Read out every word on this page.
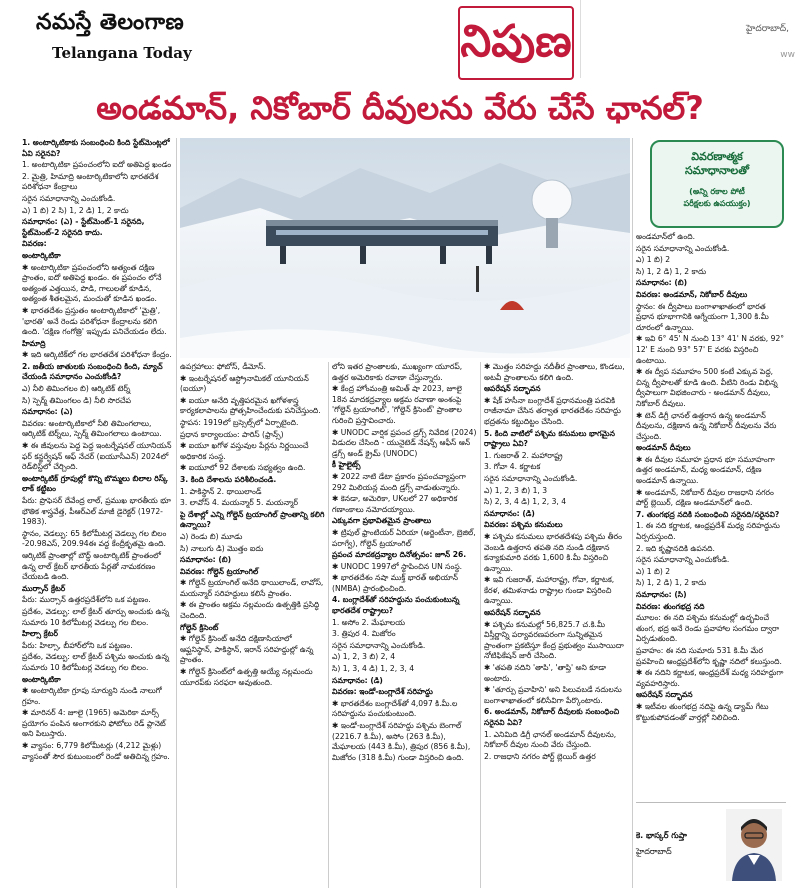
నమస్తే తెలంగాణ
Telangana Today	నిపుణ	హైదరాబాద్,
ww
అండమాన్‌, నికోబార్‌ దీవులను వేరు చేసే ఛానల్‌?
వివరణాత్మక
సమాధానాలతో
(అన్ని రకాల పోటీ
పరీక్షలకు ఉపయుక్తం)

1. అంటార్కిటికాకు సంబంధించి కింది స్టేట్‌మెంట్లలో ఏవి సరైనవి?

1. అంటార్కిటికా ప్రపంచంలోని ఐదో అతిపెద్ద ఖండం

2. మైత్రి, హిమాద్రి అంటార్కిటికాలోని భారతదేశ పరిశోధనా కేంద్రాలు

సరైన సమాధానాన్ని ఎంచుకోండి.

ఎ) 1 బి) 2 సి) 1, 2 డి) 1, 2 కాదు

సమాధానం: (ఎ) - స్టేట్‌మెంట్‌-1 సరైనది, స్టేట్‌మెంట్‌-2 సరైనది కాదు.

వివరణ:

అంటార్కిటికా

✱ అంటార్కిటికా ప్రపంచంలోని అత్యంత దక్షిణ ప్రాంతం, ఐదో అతిపెద్ద ఖండం. ఈ ప్రపంచం లోనే అత్యంత ఎత్తయిన, పొడి, గాలులతో కూడిన, అత్యంత శీతలమైన, మంచుతో కూడిన ఖండం.

✱ భారతదేశం ప్రస్తుతం అంటార్కిటికాలో 'మైత్రి', 'భారతి' అనే రెండు పరిశోధనా కేంద్రాలను కలిగి ఉంది. 'దక్షిణ గంగోత్రి' ఇప్పుడు పనిచేయడం లేదు.

హిమాద్రి

✱ ఇది ఆర్కిటిక్‌లో గల భారతదేశ పరిశోధనా కేంద్రం.

2. జతీయ జాతులకు సంబంధించి కింది, మ్యాచ్‌ చేయండి సమాధానం ఎంచుకోండి?

ఎ) నీలి తిమింగలం బి) ఆర్కిటిక్‌ టెర్న్‌

సి) స్పెర్మ్‌ తిమింగలం డి) నీలి సొరచేప

సమాధానం: (ఎ)

వివరణ: అంటార్కిటికాలో నీలి తిమింగలాలు, ఆర్కిటిక్‌ టెర్న్‌లు, స్పెర్మ్‌ తిమింగలాలు ఉంటాయి.

✱ ఈ జీవులను పెద్ద పెద్ద ఇంటర్నేషనల్‌ యూనియన్‌ ఫర్‌ కన్జర్వేషన్‌ ఆఫ్‌ నేచర్‌ (ఐయూసీఎన్‌) 2024లో రెడ్‌లిస్ట్‌లో చేర్చింది.

అంటార్కిటిక్‌ గ్రూపుల్లో కొన్ని బొమ్మలు బిలాల రిస్క్‌ లాక్‌ కట్టిబం

పేరు: ప్రొఫెసర్‌ దేవేంద్ర లాల్‌, ప్రముఖ భారతీయ భూ భౌతిక శాస్త్రవేత్త, పీఆర్‌ఎల్‌ మాజీ డైరెక్టర్‌ (1972-1983).

స్థానం, వెడల్పు: 65 కిలోమీటర్ల వెడల్పు గల బిలం -20.98ఎస్‌, 209.94ఈ వద్ద కేంద్రీకృతమై ఉంది.

ఆర్కిటిక్‌ ప్రాంతాల్లో బౌద్ధ్‌ అంటార్కిటిక్‌ ప్రాంతంలో ఉన్న లాల్‌ క్రేటర్‌ భారతీయ పేర్లతో నామకరణం చేయబడి ఉంది.

ముర్సాన్‌ క్రేటర్‌

పేరు: ముర్సాన్‌ ఉత్తరప్రదేశ్‌లోని ఒక పట్టణం.

ప్రదేశం, వెడల్పు: లాల్‌ క్రేటర్‌ తూర్పు అంచుకు ఉన్న సుమారు 10 కిలోమీటర్ల వెడల్పు గల బిలం.

హిల్సా క్రేటర్‌

పేరు: హిల్సా, బీహార్‌లోని ఒక పట్టణం.

ప్రదేశం, వెడల్పు: లాల్‌ క్రేటర్‌ పశ్చిమ అంచుకు ఉన్న సుమారు 10 కిలోమీటర్ల వెడల్పు గల బిలం.

అంటార్కిటికా

✱ అంటార్కిటికా గ్రూపు సూర్యుని నుండి నాలుగో గ్రహం.

✱ మారినర్‌ 4: జూలై (1965) అమెరికా మార్స్‌ ప్రయోగం పంపిన అంగారకుని ఫోటోలు రెడ్‌ ప్లానెట్‌ అని పిలుస్తారు.

✱ వ్యాసం: 6,779 కిలోమీటర్లు (4,212 మైళ్లు) వ్యాసంతో సౌర కుటుంబంలో రెండో అతిచిన్న గ్రహం.

ఉపగ్రహాలు: ఫోబోస్‌, డీమోస్‌.

✱ ఇంటర్నేషనల్‌ ఆస్ట్రోనామికల్‌ యూనియన్‌ (ఐయూ)

✱ ఐయూ అనేది వృత్తిపరమైన ఖగోళశాస్త్ర కార్యకలాపాలను ప్రోత్సహించేందుకు పనిచేస్తుంది.

స్థాపన: 1919లో బ్రస్సెల్స్‌లో ఏర్పాటైంది.

ప్రధాన కార్యాలయం: పారిస్‌ (ఫ్రాన్స్‌)

✱ ఐయూ ఖగోళ వస్తువుల పేర్లను నిర్ణయించే అధికారిక సంస్థ.

✱ ఐయూలో 92 దేశాలకు సభ్యత్వం ఉంది.

3. కింది దేశాలను పరిశీలించండి.

1. పాకిస్థాన్‌ 2. థాయిలాండ్‌

3. లావోస్‌ 4. మయన్మార్‌ 5. మయన్మార్‌

పై దేశాల్లో ఎన్ని గోల్డెన్‌ ట్రయాంగిల్‌ ప్రాంతాన్ని కలిగి ఉన్నాయి?

ఎ) రెండు బి) మూడు

సి) నాలుగు డి) మొత్తం ఐదు

సమాధానం: (బి)

వివరణ: గోల్డెన్‌ ట్రయాంగిల్‌

✱ గోల్డెన్‌ ట్రయాంగిల్‌ అనేది థాయిలాండ్‌, లావోస్‌, మయన్మార్‌ సరిహద్దులు కలిసే ప్రాంతం.

✱ ఈ ప్రాంతం అక్రమ నల్లమందు ఉత్పత్తికి ప్రసిద్ధి చెందింది.

గోల్డెన్‌ క్రిసెంట్‌

✱ గోల్డెన్‌ క్రిసెంట్‌ అనేది దక్షిణాసియాలో ఆఫ్ఘనిస్థాన్‌, పాకిస్థాన్‌, ఇరాన్‌ సరిహద్దుల్లో ఉన్న ప్రాంతం.

✱ గోల్డెన్‌ క్రిసెంట్‌లో ఉత్పత్తి అయ్యే నల్లమందు యూరప్‌కు సరఫరా అవుతుంది.

లోని ఇతర ప్రాంతాలకు, ముఖ్యంగా యూరప్‌, ఉత్తర అమెరికాకు రవాణా చేస్తున్నారు.

✱ కేంద్ర హోంమంత్రి అమిత్‌ షా 2023, జూలై 18న మాదకద్రవ్యాల అక్రమ రవాణా అంశంపై 'గోల్డెన్‌ ట్రయాంగిల్‌', 'గోల్డెన్‌ క్రిసెంట్‌' ప్రాంతాల గురించి ప్రస్తావించారు.

✱ UNODC వార్షిక ప్రపంచ డ్రగ్స్‌ నివేదిక (2024) విడుదల చేసింది - యునైటెడ్‌ నేషన్స్‌ ఆఫీస్‌ ఆన్‌ డ్రగ్స్‌ అండ్‌ క్రైమ్‌ (UNODC)

కీ హైలైట్స్‌

✱ 2022 నాటి డేటా ప్రకారం ప్రపంచవ్యాప్తంగా 292 మిలియన్ల మంది డ్రగ్స్‌ వాడుతున్నారు.

✱ కెనడా, అమెరికా, UKలలో 27 అధికారిక గణాంకాలు నమోదయ్యాయి.

ఎక్కువగా ప్రభావితమైన ప్రాంతాలు

✱ ట్రిపుల్‌ ఫ్రాంటియర్‌ ఏరియా (అర్జెంటీనా, బ్రెజిల్‌, పరాగ్వే), గోల్డెన్‌ ట్రయాంగిల్‌

ప్రపంచ మాదకద్రవ్యాల దినోత్సవం: జూన్‌ 26.

✱ UNODC 1997లో స్థాపించిన UN సంస్థ.

✱ భారతదేశం నషా ముక్త్‌ భారత్‌ అభియాన్‌ (NMBA) ప్రారంభించింది.

4. బంగ్లాదేశ్‌తో సరిహద్దును పంచుకుంటున్న భారతదేశ రాష్ట్రాలు?

1. అసోం 2. మేఘాలయ

3. త్రిపుర 4. మిజోరం

సరైన సమాధానాన్ని ఎంచుకోండి.

ఎ) 1, 2, 3 బి) 2, 4

సి) 1, 3, 4 డి) 1, 2, 3, 4

సమాధానం: (డి)

వివరణ: ఇండో-బంగ్లాదేశ్‌ సరిహద్దు

✱ భారతదేశం బంగ్లాదేశ్‌తో 4,097 కి.మీ.ల సరిహద్దును పంచుకుంటుంది.

✱ ఇండో-బంగ్లాదేశ్‌ సరిహద్దు పశ్చిమ బెంగాల్‌ (2216.7 కి.మీ), అసోం (263 కి.మీ), మేఘాలయ (443 కి.మీ), త్రిపుర (856 కి.మీ), మిజోరం (318 కి.మీ) గుండా విస్తరించి ఉంది.

✱ మొత్తం సరిహద్దు నదీతీర ప్రాంతాలు, కొండలు, అటవీ ప్రాంతాలను కలిగి ఉంది.

ఆపరేషన్‌ సద్భావన

✱ షేక్‌ హసీనా బంగ్లాదేశ్‌ ప్రధానమంత్రి పదవికి రాజీనామా చేసిన తర్వాత భారతదేశం సరిహద్దు భద్రతను కట్టుదిట్టం చేసింది.

5. కింది వాటిలో పశ్చిమ కనుమలు భాగమైన రాష్ట్రాలు ఏవి?

1. గుజరాత్‌ 2. మహారాష్ట్ర

3. గోవా 4. కర్ణాటక

సరైన సమాధానాన్ని ఎంచుకోండి.

ఎ) 1, 2, 3 బి) 1, 3

సి) 2, 3, 4 డి) 1, 2, 3, 4

సమాధానం: (డి)

వివరణ: పశ్చిమ కనుమలు

✱ పశ్చిమ కనుమలు భారతదేశపు పశ్చిమ తీరం వెంబడి ఉత్తరాన తపతి నది నుండి దక్షిణాన కన్యాకుమారి వరకు 1,600 కి.మీ విస్తరించి ఉన్నాయి.

✱ ఇవి గుజరాత్‌, మహారాష్ట్ర, గోవా, కర్ణాటక, కేరళ, తమిళనాడు రాష్ట్రాల గుండా విస్తరించి ఉన్నాయి.

ఆపరేషన్‌ సద్భావన

✱ పశ్చిమ కనుమల్లో 56,825.7 చ.కి.మీ విస్తీర్ణాన్ని పర్యావరణపరంగా సున్నితమైన ప్రాంతంగా ప్రకటిస్తూ కేంద్ర ప్రభుత్వం ముసాయిదా నోటిఫికేషన్‌ జారీ చేసింది.

✱ 'తపతి నదిని 'తాపి', 'తాప్తి' అని కూడా అంటారు.

✱ 'తూర్పు ప్రవాహిని' అని పిలువబడే నదులను బంగాళాఖాతంలో కలిసేవిగా పేర్కొంటారు.

6. అండమాన్‌, నికోబార్‌ దీవులకు సంబంధించి సరైనవి ఏవి?

1. ఎనిమిది డిగ్రీ ఛానల్‌ అండమాన్‌ దీవులను, నికోబార్‌ దీవుల నుంచి వేరు చేస్తుంది.

2. రాజధాని నగరం పోర్ట్‌ బ్లెయిర్‌ ఉత్తర

అండమాన్‌లో ఉంది.

సరైన సమాధానాన్ని ఎంచుకోండి.

ఎ) 1 బి) 2

సి) 1, 2 డి) 1, 2 కాదు

సమాధానం: (బి)

వివరణ: అండమాన్‌, నికోబార్‌ దీవులు

స్థానం: ఈ ద్వీపాలు బంగాళాఖాతంలో భారత ప్రధాన భూభాగానికి ఆగ్నేయంగా 1,300 కి.మీ దూరంలో ఉన్నాయి.

✱ ఇవి 6° 45' N నుంచి 13° 41' N వరకు, 92° 12' E నుంచి 93° 57' E వరకు విస్తరించి ఉంటాయి.

✱ ఈ ద్వీప సమూహం 500 కంటే ఎక్కువ పెద్ద, చిన్న ద్వీపాలతో కూడి ఉంది. వీటిని రెండు విభిన్న ద్వీపాలుగా విభజించారు - అండమాన్‌ దీవులు, నికోబార్‌ దీవులు.

✱ టెన్‌ డిగ్రీ ఛానల్‌ ఉత్తరాన ఉన్న అండమాన్‌ దీవులను, దక్షిణాన ఉన్న నికోబార్‌ దీవులను వేరు చేస్తుంది.

అండమాన్‌ దీవులు

✱ ఈ దీవుల సమూహ ప్రధాన భూ సమూహంగా ఉత్తర అండమాన్‌, మధ్య అండమాన్‌, దక్షిణ అండమాన్‌ ఉన్నాయి.

✱ అండమాన్‌, నికోబార్‌ దీవుల రాజధాని నగరం పోర్ట్‌ బ్లెయిర్‌, దక్షిణ అండమాన్‌లో ఉంది.

7. తుంగభద్ర నదికి సంబంధించి సరైనది/సరైనవి?

1. ఈ నది కర్ణాటక, ఆంధ్రప్రదేశ్‌ మధ్య సరిహద్దును ఏర్పరుస్తుంది.

2. ఇది కృష్ణానదికి ఉపనది.

సరైన సమాధానాన్ని ఎంచుకోండి.

ఎ) 1 బి) 2

సి) 1, 2 డి) 1, 2 కాదు

సమాధానం: (సి)

వివరణ: తుంగభద్ర నది

మూలం: ఈ నది పశ్చిమ కనుమల్లో ఉద్భవించే తుంగ, భద్ర అనే రెండు ప్రవాహాల సంగమం ద్వారా ఏర్పడుతుంది.

ప్రవాహం: ఈ నది సుమారు 531 కి.మీ మేర ప్రవహించి ఆంధ్రప్రదేశ్‌లోని కృష్ణా నదిలో కలుస్తుంది.

✱ ఈ నదిని కర్ణాటక, ఆంధ్రప్రదేశ్‌ మధ్య సరిహద్దుగా వ్యవహరిస్తారు.

ఆపరేషన్‌ సద్భావన

✱ ఇటీవల తుంగభద్ర నదిపై ఉన్న డ్యామ్‌ గేటు కొట్టుకుపోవడంతో వార్తల్లో నిలిచింది.

కె. భాస్కర్‌ గుప్తా
హైదరాబాద్‌
